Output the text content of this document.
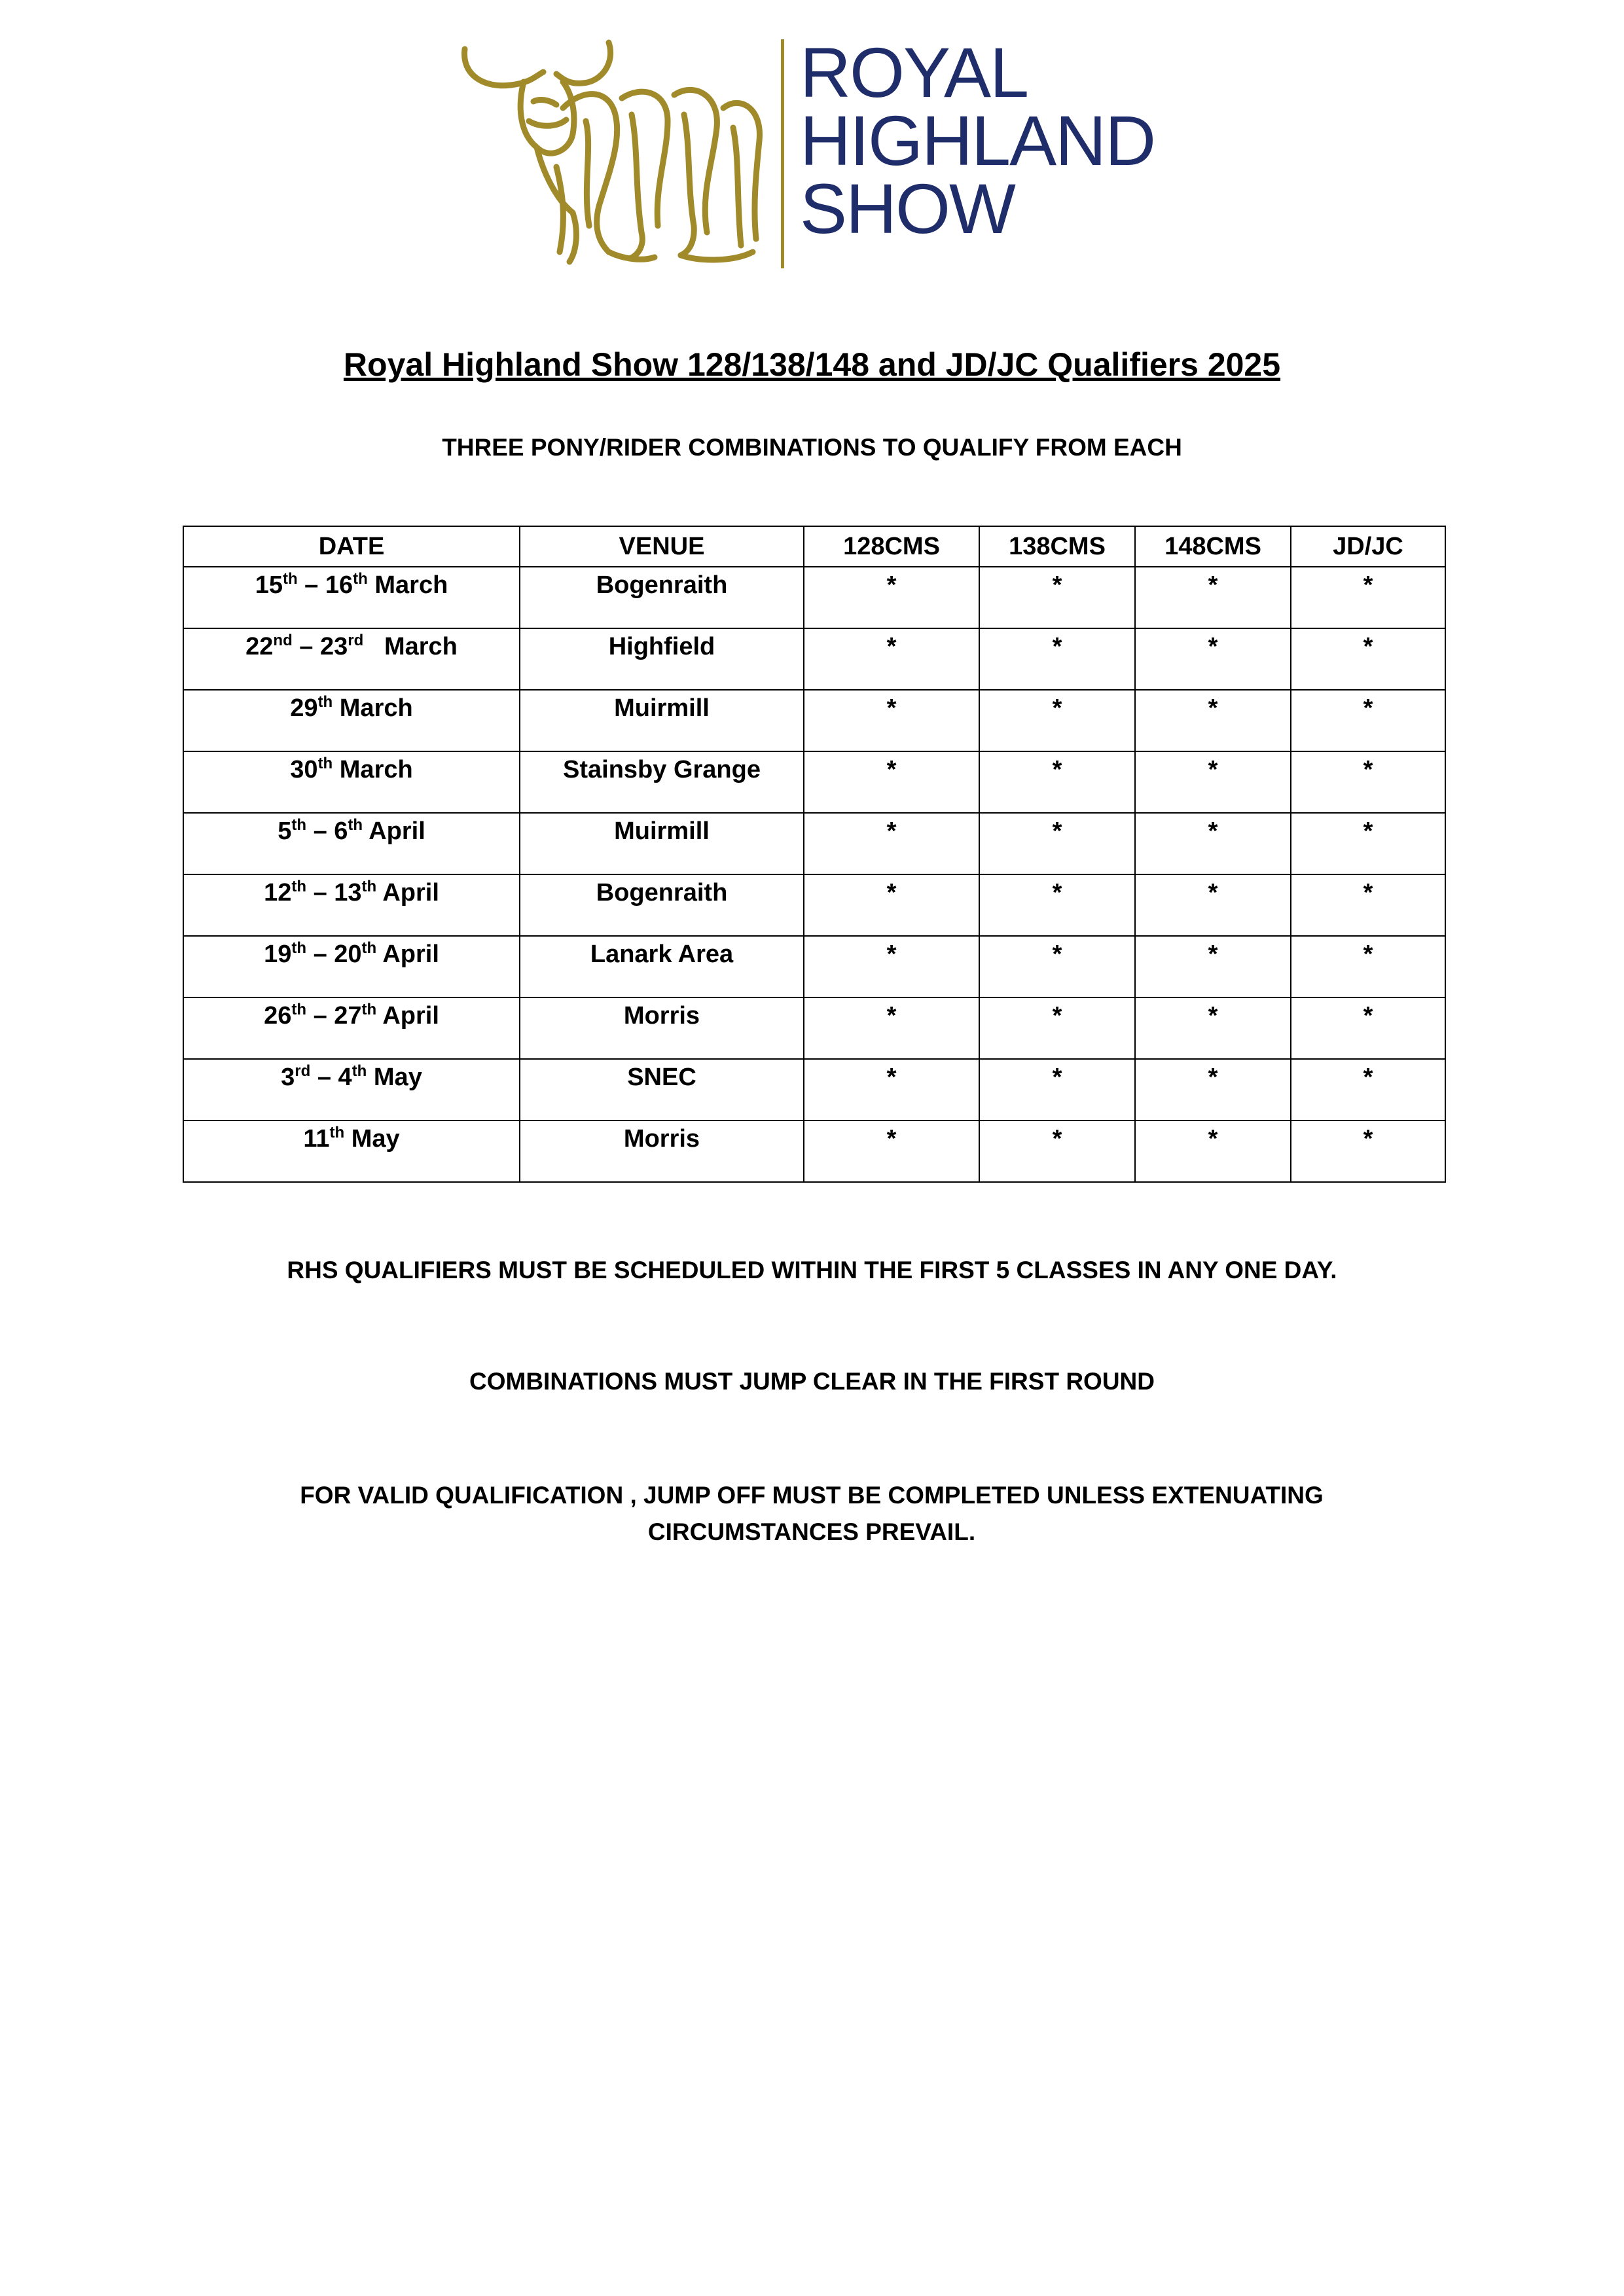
ROYAL
HIGHLAND
SHOW
Royal Highland Show 128/138/148 and JD/JC Qualifiers 2025
THREE PONY/RIDER COMBINATIONS TO QUALIFY FROM EACH
DATE	VENUE	128CMS	138CMS	148CMS	JD/JC
15th – 16th March	Bogenraith	*	*	*	*
22nd – 23rd   March	Highfield	*	*	*	*
29th March	Muirmill	*	*	*	*
30th March	Stainsby Grange	*	*	*	*
5th – 6th April	Muirmill	*	*	*	*
12th – 13th April	Bogenraith	*	*	*	*
19th – 20th April	Lanark Area	*	*	*	*
26th – 27th April	Morris	*	*	*	*
3rd – 4th May	SNEC	*	*	*	*
11th May	Morris	*	*	*	*
RHS QUALIFIERS MUST BE SCHEDULED WITHIN THE FIRST 5 CLASSES IN ANY ONE DAY.
COMBINATIONS MUST JUMP CLEAR IN THE FIRST ROUND
FOR VALID QUALIFICATION , JUMP OFF MUST BE COMPLETED UNLESS EXTENUATING CIRCUMSTANCES PREVAIL.
